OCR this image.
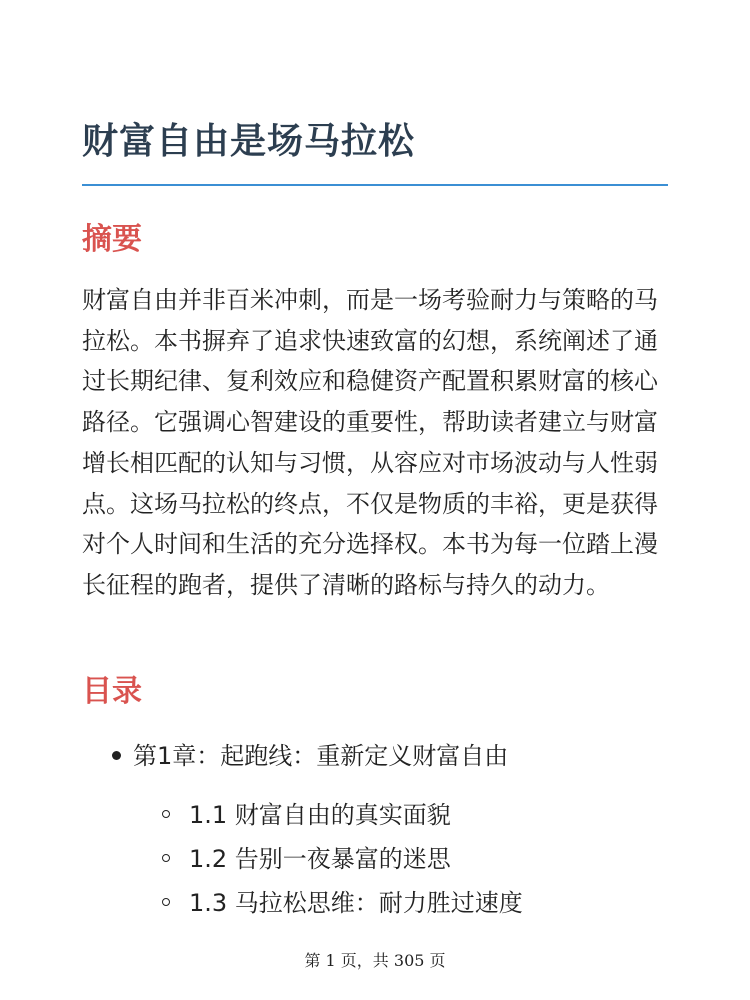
财富自由是场马拉松
摘要

财富自由并非百米冲刺，而是一场考验耐力与策略的马拉松。本书摒弃了追求快速致富的幻想，系统阐述了通过长期纪律、复利效应和稳健资产配置积累财富的核心路径。它强调心智建设的重要性，帮助读者建立与财富增长相匹配的认知与习惯，从容应对市场波动与人性弱点。这场马拉松的终点，不仅是物质的丰裕，更是获得对个人时间和生活的充分选择权。本书为每一位踏上漫长征程的跑者，提供了清晰的路标与持久的动力。

目录
第1章：起跑线：重新定义财富自由
1.1 财富自由的真实面貌
1.2 告别一夜暴富的迷思
1.3 马拉松思维：耐力胜过速度
第 1 页，共 305 页
